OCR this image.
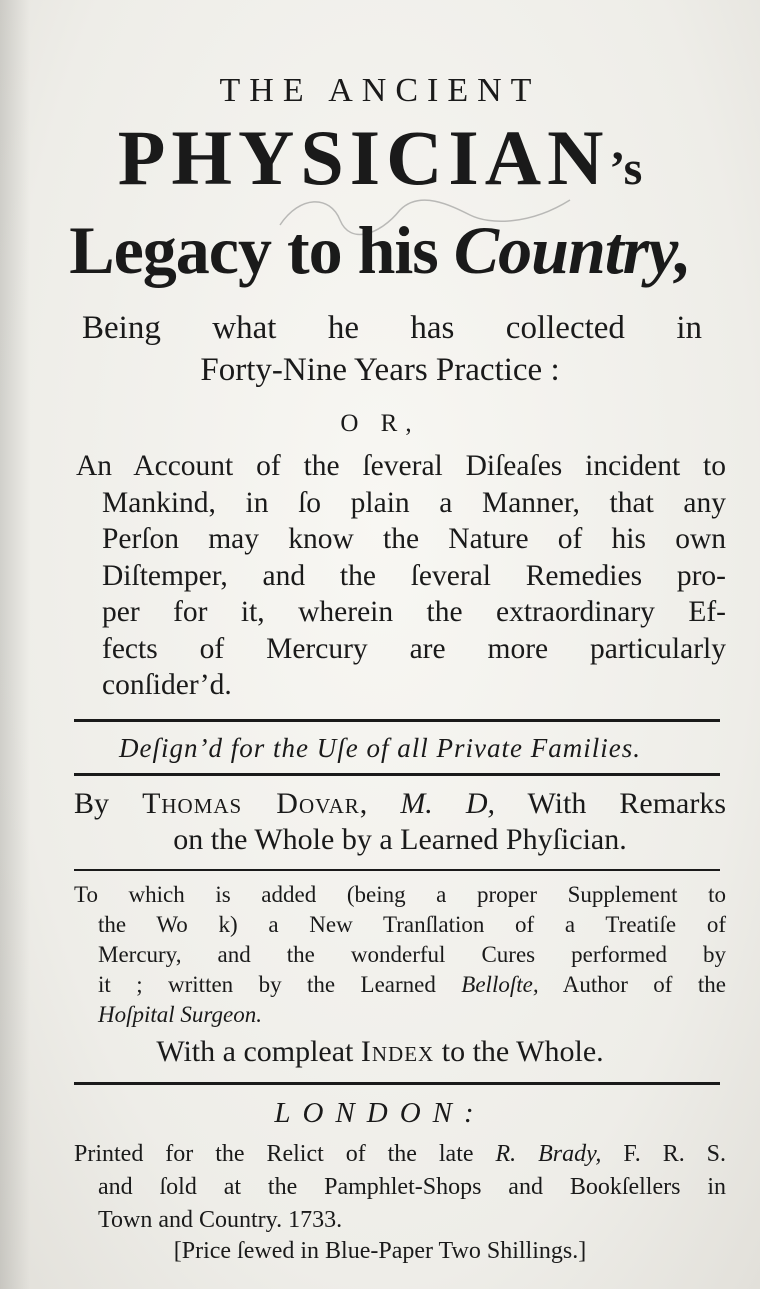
THE ANCIENT
PHYSICIAN’s
Legacy to his Country,
Being what he has collected in
Forty-Nine Years Practice :
O R,
An Account of the ſeveral Diſeaſes incident to
Mankind, in ſo plain a Manner, that any
Perſon may know the Nature of his own
Diſtemper, and the ſeveral Remedies pro-
per for it, wherein the extraordinary Ef-
fects of Mercury are more particularly
conſider’d.
Deſign’d for the Uſe of all Private Families.
By Thomas Dovar, M. D, With Remarks
on the Whole by a Learned Phyſician.
To which is added (being a proper Supplement to
the Wo k) a New Tranſlation of a Treatiſe of
Mercury, and the wonderful Cures performed by
it ; written by the Learned Belloſte, Author of the
Hoſpital Surgeon.
With a compleat Index to the Whole.
LONDON:
Printed for the Relict of the late R. Brady, F. R. S.
and ſold at the Pamphlet-Shops and Bookſellers in
Town and Country. 1733.
[Price ſewed in Blue-Paper Two Shillings.]
